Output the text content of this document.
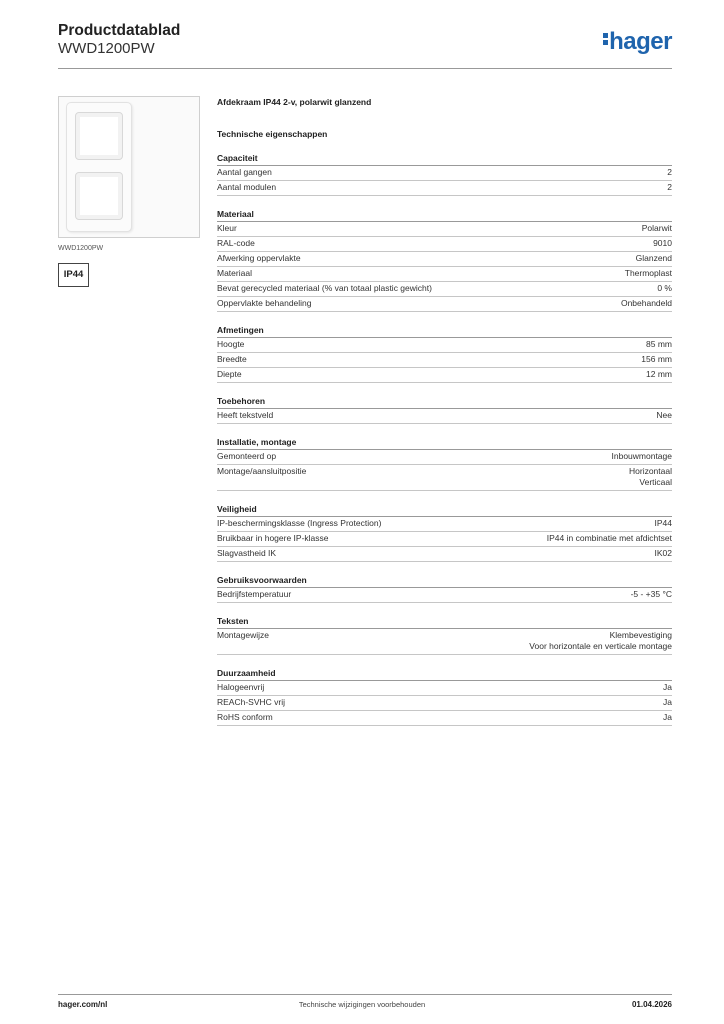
Productdatablad
WWD1200PW	hager
WWD1200PW
IP44
Afdekraam IP44 2-v, polarwit glanzend
Technische eigenschappen
Capaciteit
Aantal gangen	2
Aantal modulen	2
Materiaal
Kleur	Polarwit
RAL-code	9010
Afwerking oppervlakte	Glanzend
Materiaal	Thermoplast
Bevat gerecycled materiaal (% van totaal plastic gewicht)	0 %
Oppervlakte behandeling	Onbehandeld
Afmetingen
Hoogte	85 mm
Breedte	156 mm
Diepte	12 mm
Toebehoren
Heeft tekstveld	Nee
Installatie, montage
Gemonteerd op	Inbouwmontage
Montage/aansluitpositie	Horizontaal
Verticaal
Veiligheid
IP-beschermingsklasse (Ingress Protection)	IP44
Bruikbaar in hogere IP-klasse	IP44 in combinatie met afdichtset
Slagvastheid IK	IK02
Gebruiksvoorwaarden
Bedrijfstemperatuur	-5 - +35 °C
Teksten
Montagewijze	Klembevestiging
Voor horizontale en verticale montage
Duurzaamheid
Halogeenvrij	Ja
REACh-SVHC vrij	Ja
RoHS conform	Ja
hager.com/nl	Technische wijzigingen voorbehouden	01.04.2026
